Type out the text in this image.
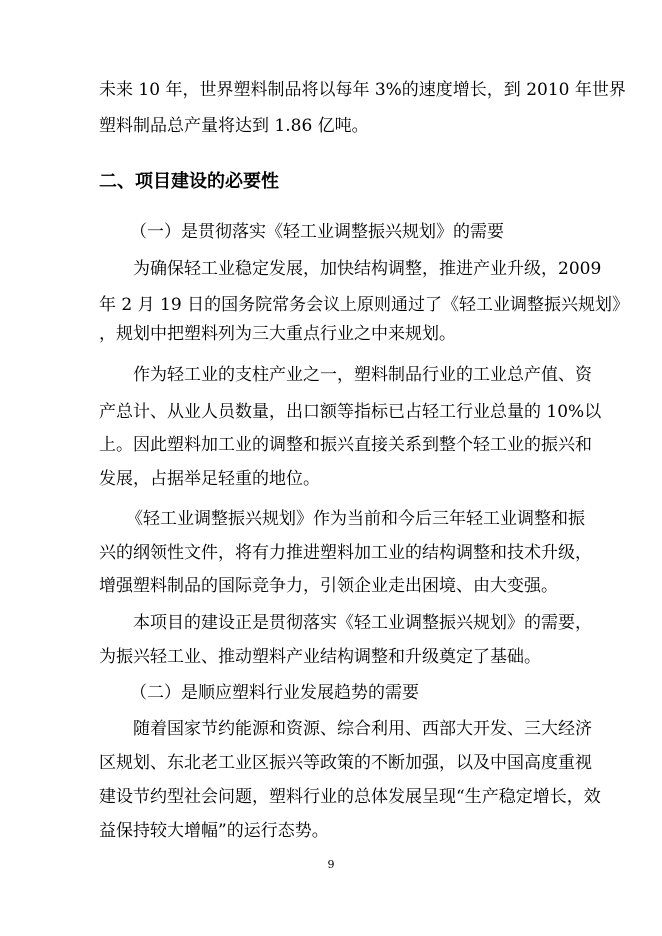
未来 10 年，世界塑料制品将以每年 3%的速度增长，到 2010 年世界
塑料制品总产量将达到 1.86 亿吨。
二、项目建设的必要性
（一）是贯彻落实《轻工业调整振兴规划》的需要
为确保轻工业稳定发展，加快结构调整，推进产业升级，2009
年 2 月 19 日的国务院常务会议上原则通过了《轻工业调整振兴规划》
，规划中把塑料列为三大重点行业之中来规划。
作为轻工业的支柱产业之一，塑料制品行业的工业总产值、资
产总计、从业人员数量，出口额等指标已占轻工行业总量的 10%以
上。因此塑料加工业的调整和振兴直接关系到整个轻工业的振兴和
发展，占据举足轻重的地位。
《轻工业调整振兴规划》作为当前和今后三年轻工业调整和振
兴的纲领性文件，将有力推进塑料加工业的结构调整和技术升级，
增强塑料制品的国际竞争力，引领企业走出困境、由大变强。
本项目的建设正是贯彻落实《轻工业调整振兴规划》的需要，
为振兴轻工业、推动塑料产业结构调整和升级奠定了基础。
（二）是顺应塑料行业发展趋势的需要
随着国家节约能源和资源、综合利用、西部大开发、三大经济
区规划、东北老工业区振兴等政策的不断加强，以及中国高度重视
建设节约型社会问题，塑料行业的总体发展呈现“生产稳定增长，效
益保持较大增幅”的运行态势。
9
